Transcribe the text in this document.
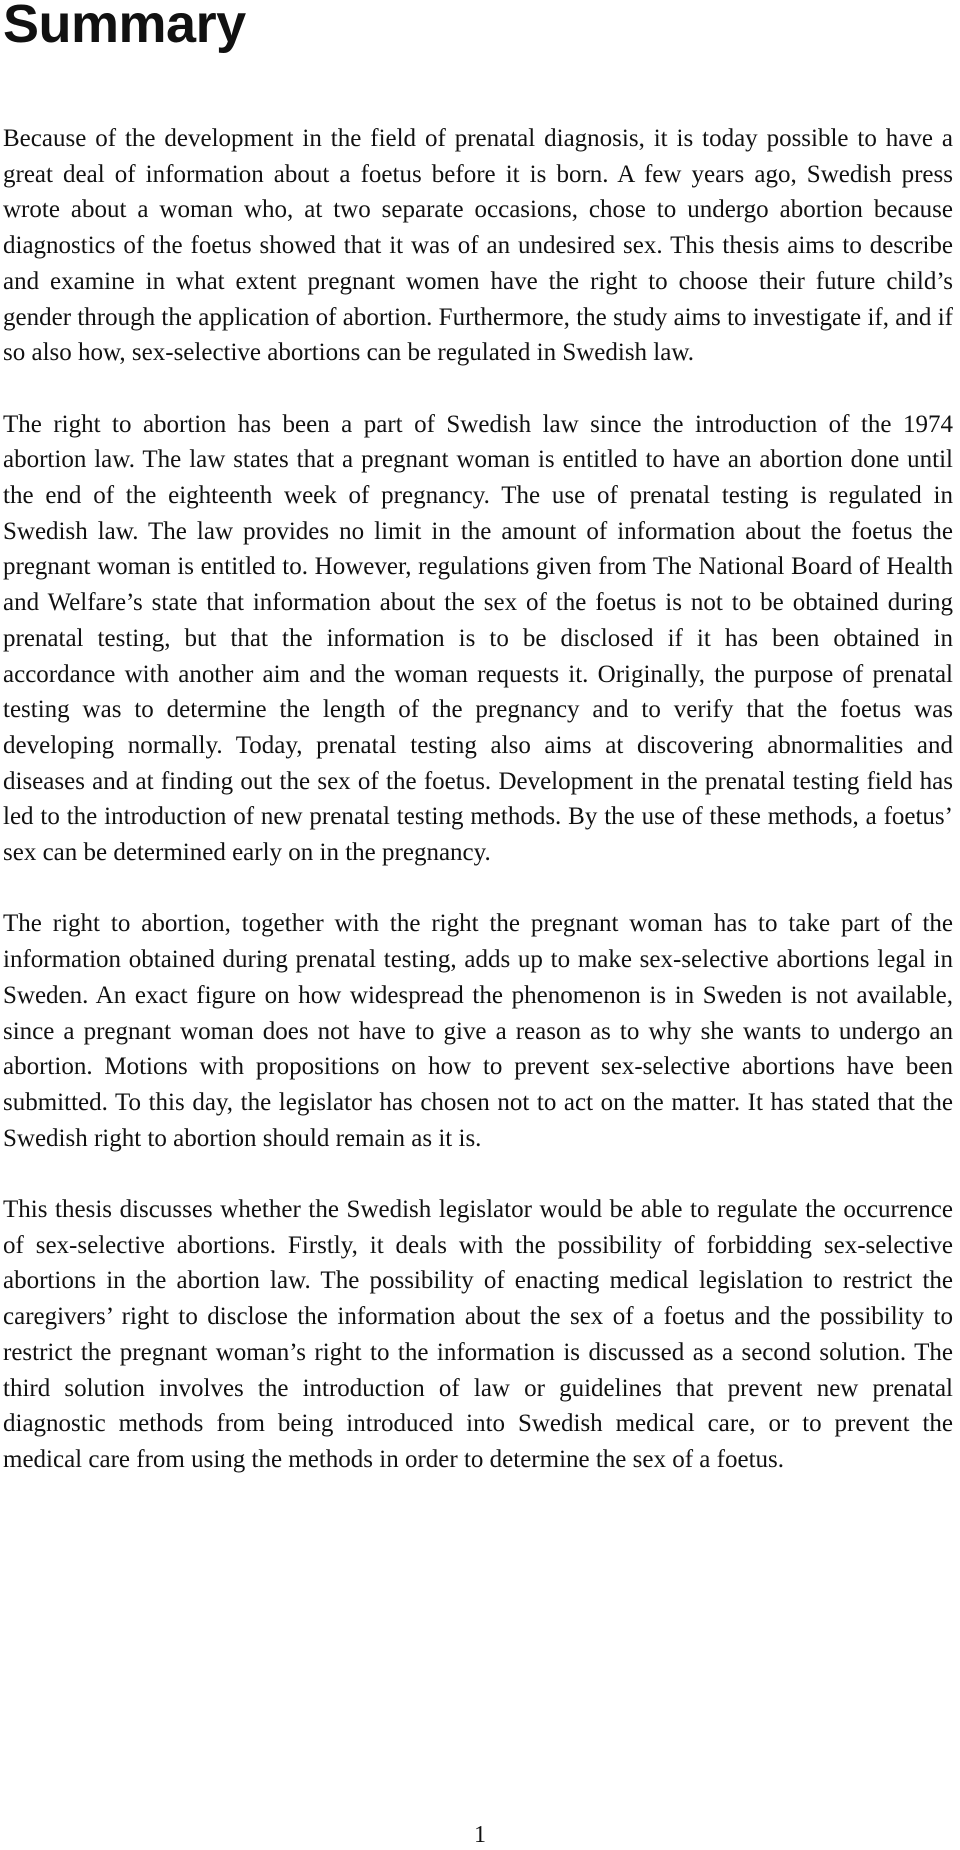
Summary

Because of the development in the field of prenatal diagnosis, it is today possible to have a great deal of information about a foetus before it is born. A few years ago, Swedish press wrote about a woman who, at two separate occasions, chose to undergo abortion because diagnostics of the foetus showed that it was of an undesired sex. This thesis aims to describe and examine in what extent pregnant women have the right to choose their future child’s gender through the application of abortion. Furthermore, the study aims to investigate if, and if so also how, sex-selective abortions can be regulated in Swedish law.

The right to abortion has been a part of Swedish law since the introduction of the 1974 abortion law. The law states that a pregnant woman is entitled to have an abortion done until the end of the eighteenth week of pregnancy. The use of prenatal testing is regulated in Swedish law. The law provides no limit in the amount of information about the foetus the pregnant woman is entitled to. However, regulations given from The National Board of Health and Welfare’s state that information about the sex of the foetus is not to be obtained during prenatal testing, but that the information is to be disclosed if it has been obtained in accordance with another aim and the woman requests it. Originally, the purpose of prenatal testing was to determine the length of the pregnancy and to verify that the foetus was developing normally. Today, prenatal testing also aims at discovering abnormalities and diseases and at finding out the sex of the foetus. Development in the prenatal testing field has led to the introduction of new prenatal testing methods. By the use of these methods, a foetus’ sex can be determined early on in the pregnancy.

The right to abortion, together with the right the pregnant woman has to take part of the information obtained during prenatal testing, adds up to make sex-selective abortions legal in Sweden. An exact figure on how widespread the phenomenon is in Sweden is not available, since a pregnant woman does not have to give a reason as to why she wants to undergo an abortion. Motions with propositions on how to prevent sex-selective abortions have been submitted. To this day, the legislator has chosen not to act on the matter. It has stated that the Swedish right to abortion should remain as it is.

This thesis discusses whether the Swedish legislator would be able to regulate the occurrence of sex-selective abortions. Firstly, it deals with the possibility of forbidding sex-selective abortions in the abortion law. The possibility of enacting medical legislation to restrict the caregivers’ right to disclose the information about the sex of a foetus and the possibility to restrict the pregnant woman’s right to the information is discussed as a second solution. The third solution involves the introduction of law or guidelines that prevent new prenatal diagnostic methods from being introduced into Swedish medical care, or to prevent the medical care from using the methods in order to determine the sex of a foetus.

1
